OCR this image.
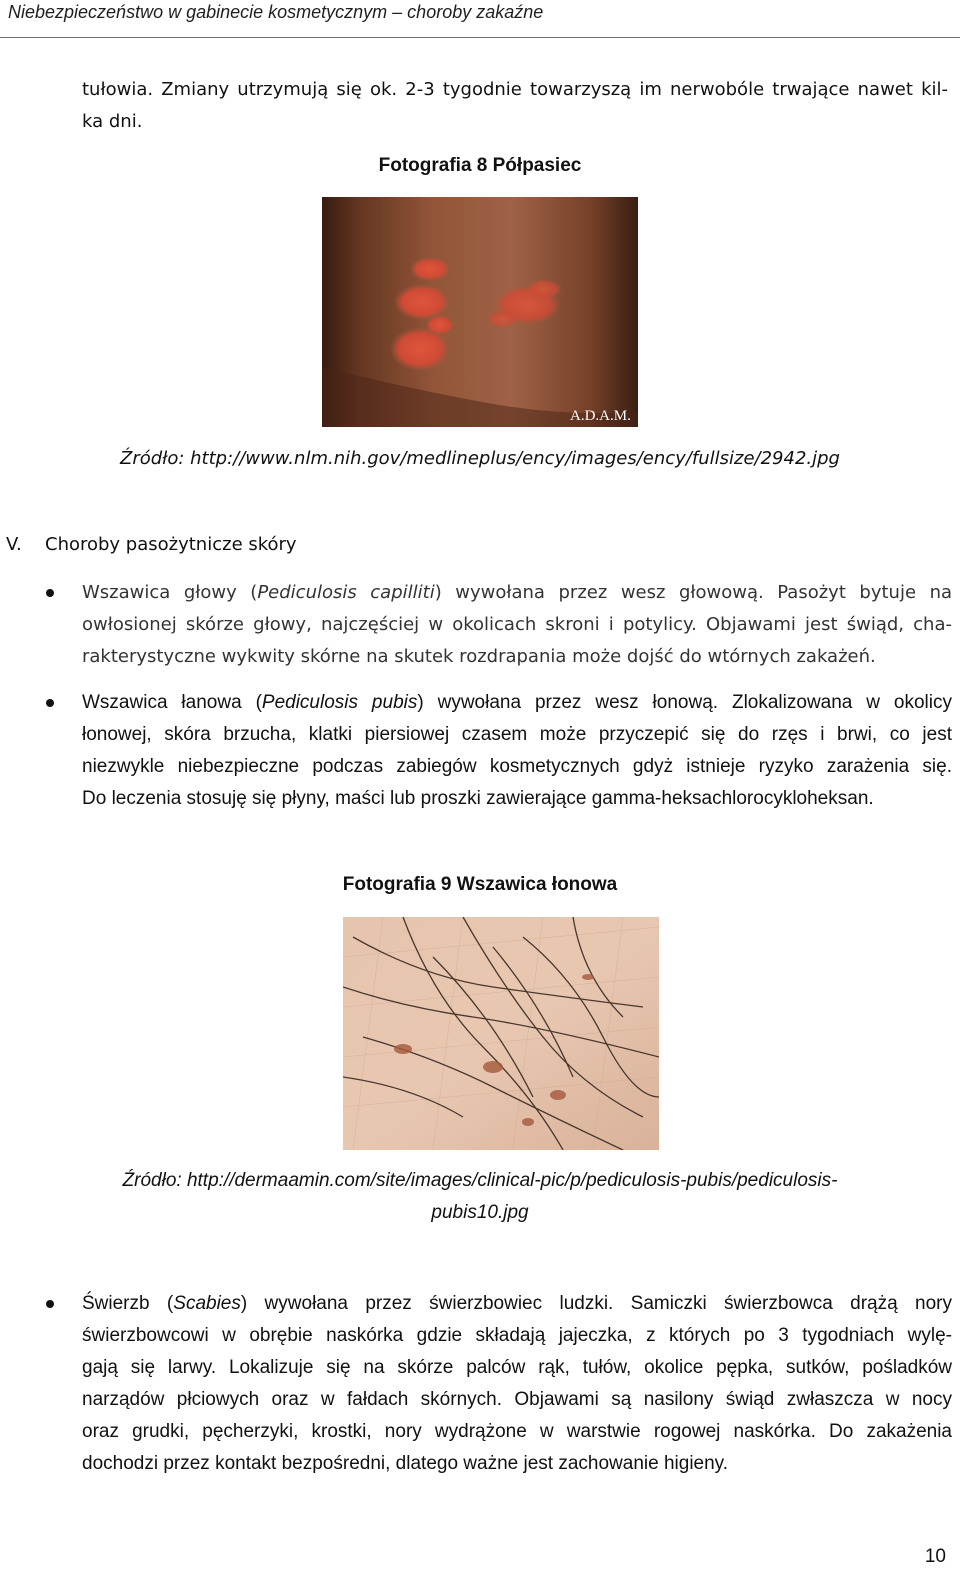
Niebezpieczeństwo w gabinecie kosmetycznym – choroby zakaźne
tułowia. Zmiany utrzymują się ok. 2-3 tygodnie towarzyszą im nerwobóle trwające nawet kil-
ka dni.
Fotografia 8 Półpasiec
A.D.A.M.
Źródło: http://www.nlm.nih.gov/medlineplus/ency/images/ency/fullsize/2942.jpg
V. Choroby pasożytnicze skóry
Wszawica głowy (Pediculosis capilliti) wywołana przez wesz głowową. Pasożyt bytuje na
owłosionej skórze głowy, najczęściej w okolicach skroni i potylicy. Objawami jest świąd, cha-
rakterystyczne wykwity skórne na skutek rozdrapania może dojść do wtórnych zakażeń.
Wszawica łanowa (Pediculosis pubis) wywołana przez wesz łonową. Zlokalizowana w okolicy
łonowej, skóra brzucha, klatki piersiowej czasem może przyczepić się do rzęs i brwi, co jest
niezwykle niebezpieczne podczas zabiegów kosmetycznych gdyż istnieje ryzyko zarażenia się.
Do leczenia stosuję się płyny, maści lub proszki zawierające gamma-heksachlorocykloheksan.
Fotografia 9 Wszawica łonowa
Źródło: http://dermaamin.com/site/images/clinical-pic/p/pediculosis-pubis/pediculosis-
pubis10.jpg
Świerzb (Scabies) wywołana przez świerzbowiec ludzki. Samiczki świerzbowca drążą nory
świerzbowcowi w obrębie naskórka gdzie składają jajeczka, z których po 3 tygodniach wylę-
gają się larwy. Lokalizuje się na skórze palców rąk, tułów, okolice pępka, sutków, pośladków
narządów płciowych oraz w fałdach skórnych. Objawami są nasilony świąd zwłaszcza w nocy
oraz grudki, pęcherzyki, krostki, nory wydrążone w warstwie rogowej naskórka. Do zakażenia
dochodzi przez kontakt bezpośredni, dlatego ważne jest zachowanie higieny.
10
